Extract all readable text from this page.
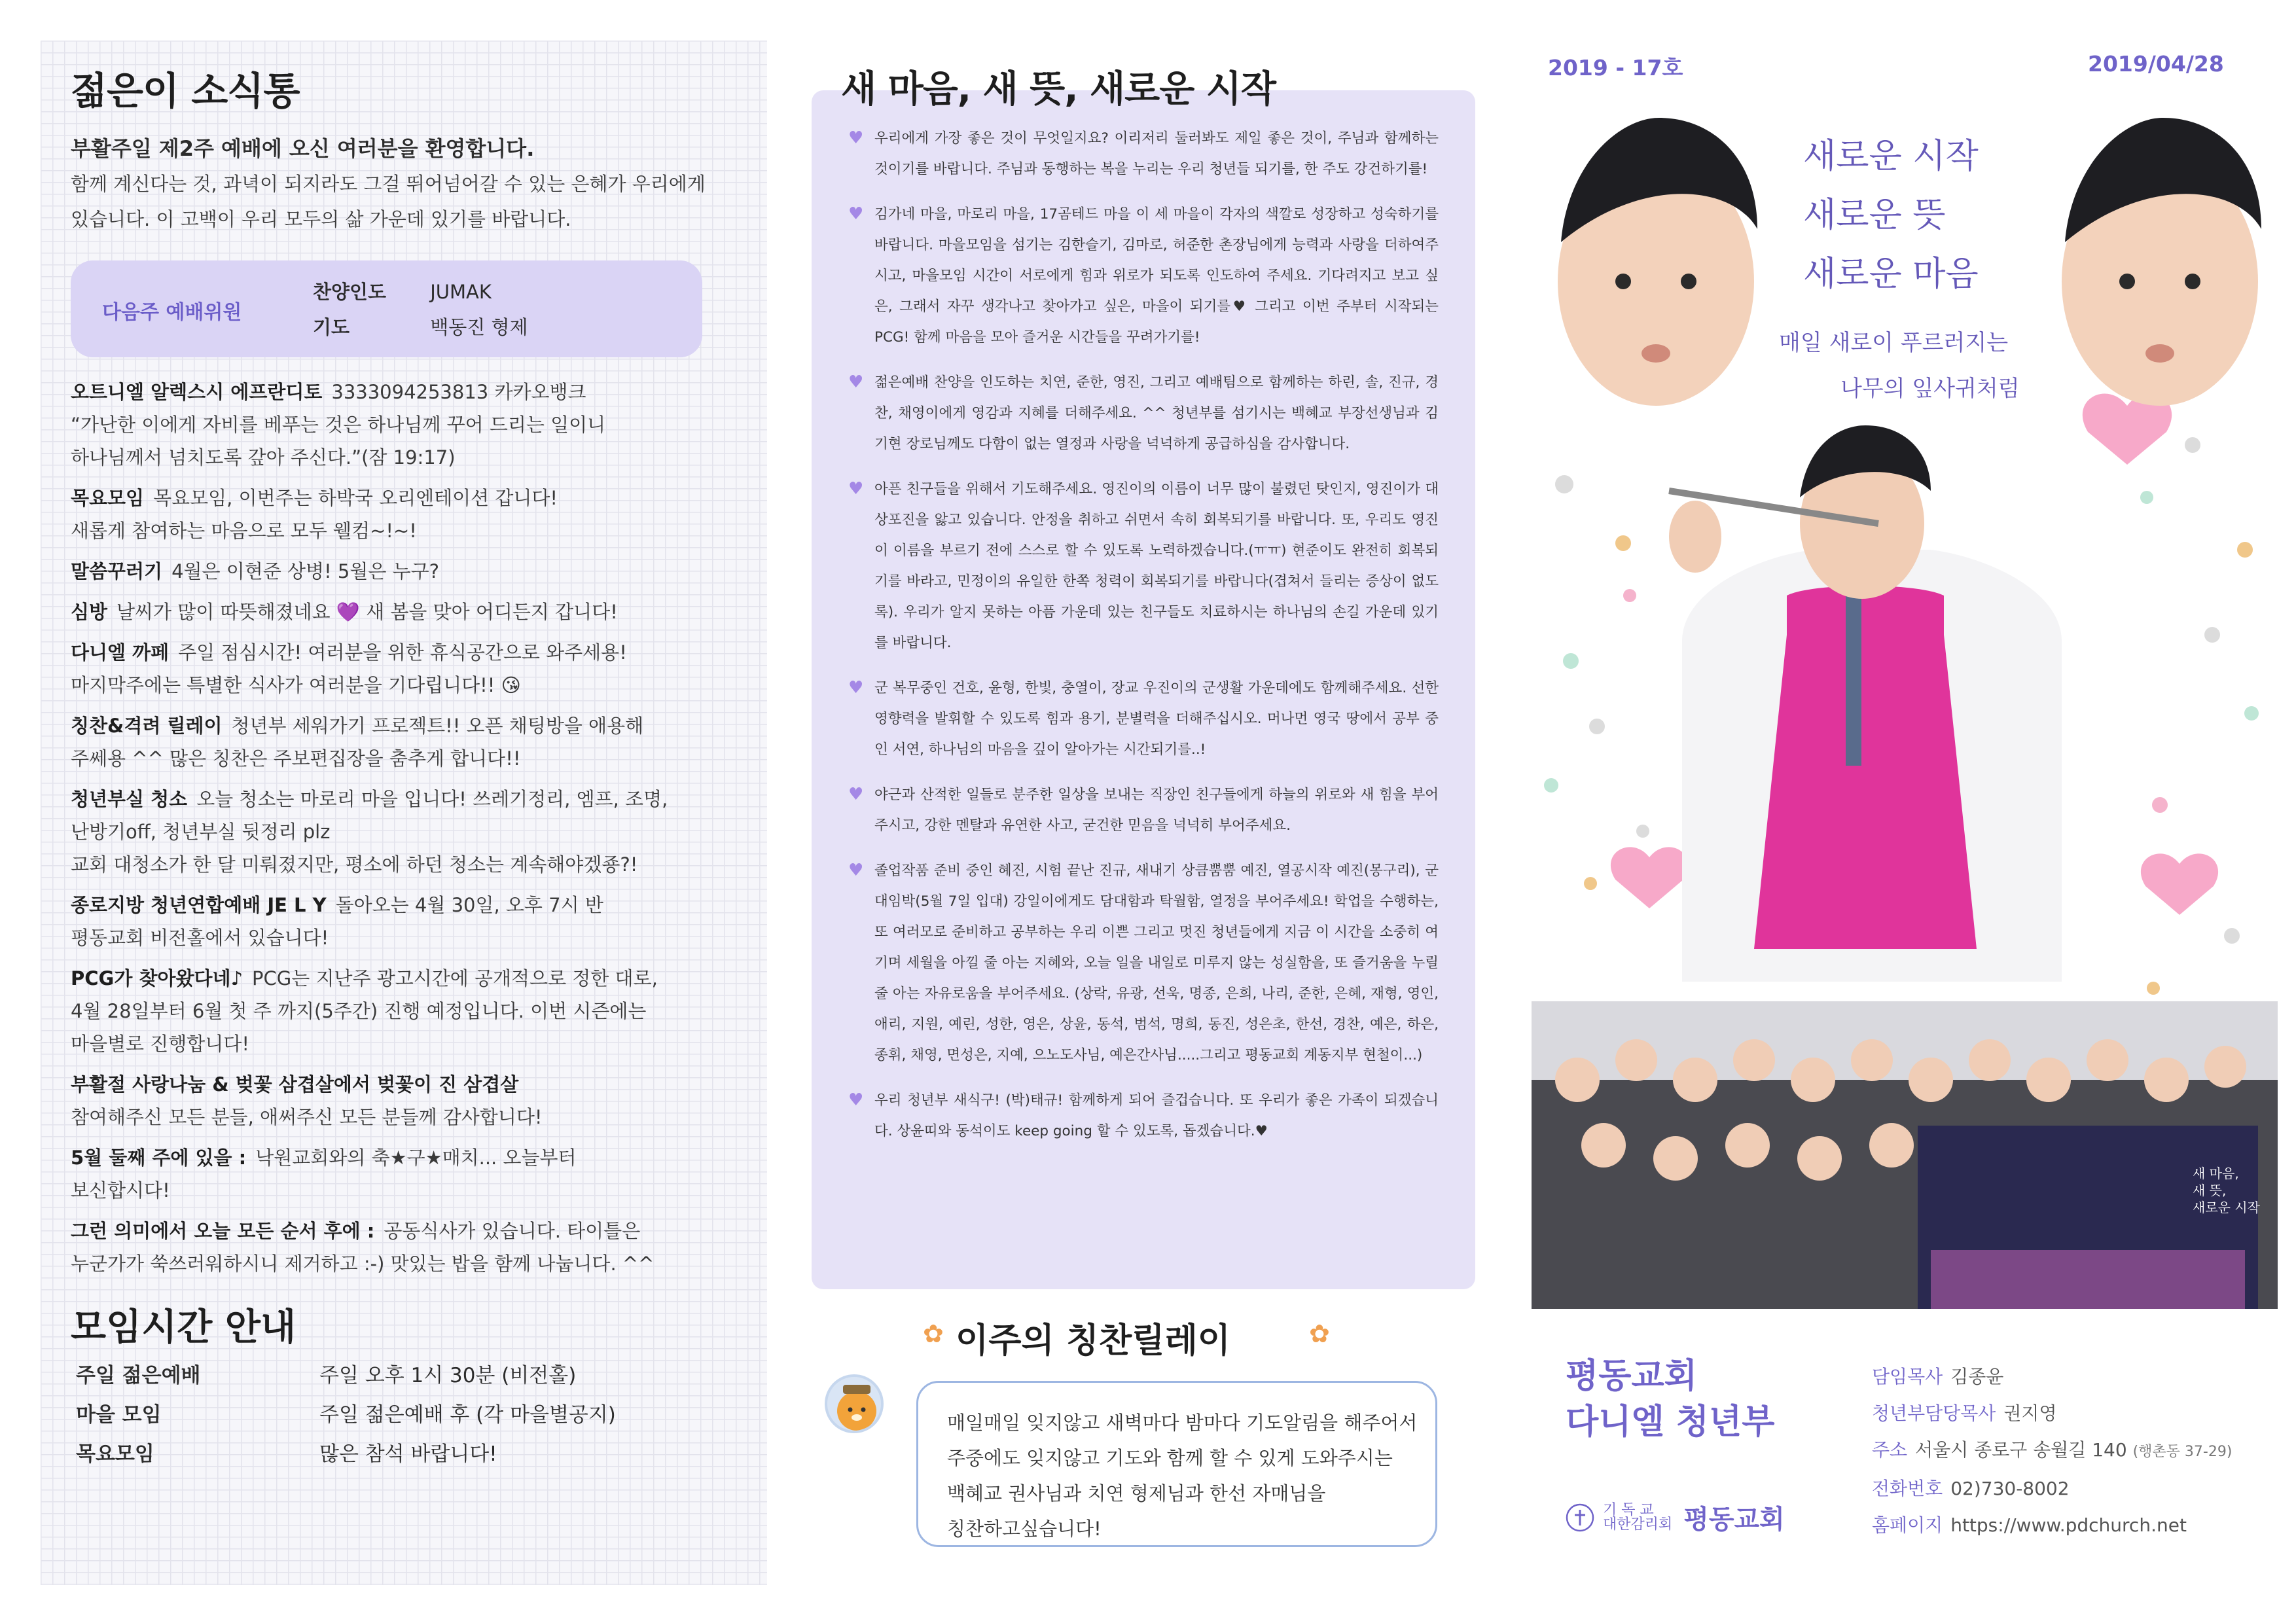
젊은이 소식통
부활주일 제2주 예배에 오신 여러분을 환영합니다.
함께 계신다는 것, 과녁이 되지라도 그걸 뛰어넘어갈 수 있는 은혜가 우리에게
있습니다. 이 고백이 우리 모두의 삶 가운데 있기를 바랍니다.
다음주 예배위원
찬양인도 JUMAK
기도	백동진 형제
오트니엘 알렉스시 에프란디토 3333094253813 카카오뱅크
“가난한 이에게 자비를 베푸는 것은 하나님께 꾸어 드리는 일이니
하나님께서 넘치도록 갚아 주신다.”(잠 19:17)
목요모임 목요모임, 이번주는 하박국 오리엔테이션 갑니다!
새롭게 참여하는 마음으로 모두 웰컴~!~!
말씀꾸러기 4월은 이현준 상병! 5월은 누구?
심방 날씨가 많이 따뜻해졌네요 💜 새 봄을 맞아 어디든지 갑니다!
다니엘 까페 주일 점심시간! 여러분을 위한 휴식공간으로 와주세용!
마지막주에는 특별한 식사가 여러분을 기다립니다!! 😘
칭찬&격려 릴레이 청년부 세워가기 프로젝트!! 오픈 채팅방을 애용해
주쎄용 ^^ 많은 칭찬은 주보편집장을 춤추게 합니다!!
청년부실 청소 오늘 청소는 마로리 마을 입니다! 쓰레기정리, 엠프, 조명,
난방기off, 청년부실 뒷정리 plz
교회 대청소가 한 달 미뤄졌지만, 평소에 하던 청소는 계속해야겠죵?!
종로지방 청년연합예배 JE L Y 돌아오는 4월 30일, 오후 7시 반
평동교회 비전홀에서 있습니다!
PCG가 찾아왔다네♪ PCG는 지난주 광고시간에 공개적으로 정한 대로,
4월 28일부터 6월 첫 주 까지(5주간) 진행 예정입니다. 이번 시즌에는
마을별로 진행합니다!
부활절 사랑나눔 & 벚꽃 삼겹살에서 벚꽃이 진 삼겹살
참여해주신 모든 분들, 애써주신 모든 분들께 감사합니다!
5월 둘째 주에 있을 : 낙원교회와의 축★구★매치... 오늘부터
보신합시다!
그런 의미에서 오늘 모든 순서 후에 : 공동식사가 있습니다. 타이틀은
누군가가 쑥쓰러워하시니 제거하고 :-) 맛있는 밥을 함께 나눕니다. ^^
모임시간 안내
주일 젊은예배	주일 오후 1시 30분 (비전홀)
마을 모임	주일 젊은예배 후 (각 마을별공지)
목요모임	많은 참석 바랍니다!
♥ 우리에게 가장 좋은 것이 무엇일지요? 이리저리 둘러봐도 제일 좋은 것이, 주님과 함께하는 것이기를 바랍니다. 주님과 동행하는 복을 누리는 우리 청년들 되기를, 한 주도 강건하기를!
♥ 김가네 마을, 마로리 마을, 17곰테드 마을 이 세 마을이 각자의 색깔로 성장하고 성숙하기를 바랍니다. 마을모임을 섬기는 김한슬기, 김마로, 허준한 촌장님에게 능력과 사랑을 더하여주시고, 마을모임 시간이 서로에게 힘과 위로가 되도록 인도하여 주세요. 기다려지고 보고 싶은, 그래서 자꾸 생각나고 찾아가고 싶은, 마을이 되기를♥ 그리고 이번 주부터 시작되는 PCG! 함께 마음을 모아 즐거운 시간들을 꾸려가기를!
♥ 젊은예배 찬양을 인도하는 치연, 준한, 영진, 그리고 예배팀으로 함께하는 하린, 솔, 진규, 경찬, 채영이에게 영감과 지혜를 더해주세요. ^^ 청년부를 섬기시는 백혜교 부장선생님과 김기현 장로님께도 다함이 없는 열정과 사랑을 넉넉하게 공급하심을 감사합니다.
♥ 아픈 친구들을 위해서 기도해주세요. 영진이의 이름이 너무 많이 불렸던 탓인지, 영진이가 대상포진을 앓고 있습니다. 안정을 취하고 쉬면서 속히 회복되기를 바랍니다. 또, 우리도 영진이 이름을 부르기 전에 스스로 할 수 있도록 노력하겠습니다.(ㅠㅠ) 현준이도 완전히 회복되기를 바라고, 민정이의 유일한 한쪽 청력이 회복되기를 바랍니다(겹쳐서 들리는 증상이 없도록). 우리가 알지 못하는 아픔 가운데 있는 친구들도 치료하시는 하나님의 손길 가운데 있기를 바랍니다.
♥ 군 복무중인 건호, 윤형, 한빛, 충열이, 장교 우진이의 군생활 가운데에도 함께해주세요. 선한 영향력을 발휘할 수 있도록 힘과 용기, 분별력을 더해주십시오. 머나먼 영국 땅에서 공부 중인 서연, 하나님의 마음을 깊이 알아가는 시간되기를..!
♥ 야근과 산적한 일들로 분주한 일상을 보내는 직장인 친구들에게 하늘의 위로와 새 힘을 부어주시고, 강한 멘탈과 유연한 사고, 굳건한 믿음을 넉넉히 부어주세요.
♥ 졸업작품 준비 중인 혜진, 시험 끝난 진규, 새내기 상큼뿜뿜 예진, 열공시작 예진(몽구리), 군대임박(5월 7일 입대) 강일이에게도 담대함과 탁월함, 열정을 부어주세요! 학업을 수행하는, 또 여러모로 준비하고 공부하는 우리 이쁜 그리고 멋진 청년들에게 지금 이 시간을 소중히 여기며 세월을 아낄 줄 아는 지혜와, 오늘 일을 내일로 미루지 않는 성실함을, 또 즐거움을 누릴 줄 아는 자유로움을 부어주세요. (상락, 유광, 선욱, 명종, 은희, 나리, 준한, 은혜, 재형, 영인, 애리, 지원, 예린, 성한, 영은, 상윤, 동석, 범석, 명희, 동진, 성은초, 한선, 경찬, 예은, 하은, 종휘, 채영, 면성은, 지예, 으노도사님, 예은간사님.....그리고 평동교회 계동지부 현철이...)
♥ 우리 청년부 새식구! (박)태규! 함께하게 되어 즐겁습니다. 또 우리가 좋은 가족이 되겠습니다. 상윤띠와 동석이도 keep going 할 수 있도록, 돕겠습니다.♥
새 마음, 새 뜻, 새로운 시작
✿ 이주의 칭찬릴레이	✿
매일매일 잊지않고 새벽마다 밤마다 기도알림을 해주어서
주중에도 잊지않고 기도와 함께 할 수 있게 도와주시는
백혜교 권사님과 치연 형제님과 한선 자매님을
칭찬하고싶습니다!
2019 - 17호	2019/04/28
새 마음,
새 뜻,
새로운 시작
새로운 시작
새로운 뜻
새로운 마음
매일 새로이 푸르러지는
나무의 잎사귀처럼
평동교회
다니엘 청년부

기 독 교
대한감리회 평동교회
담임목사 김종윤
청년부담당목사 권지영
주소 서울시 종로구 송월길 140 (행촌동 37-29)
전화번호 02)730-8002
홈페이지 https://www.pdchurch.net
